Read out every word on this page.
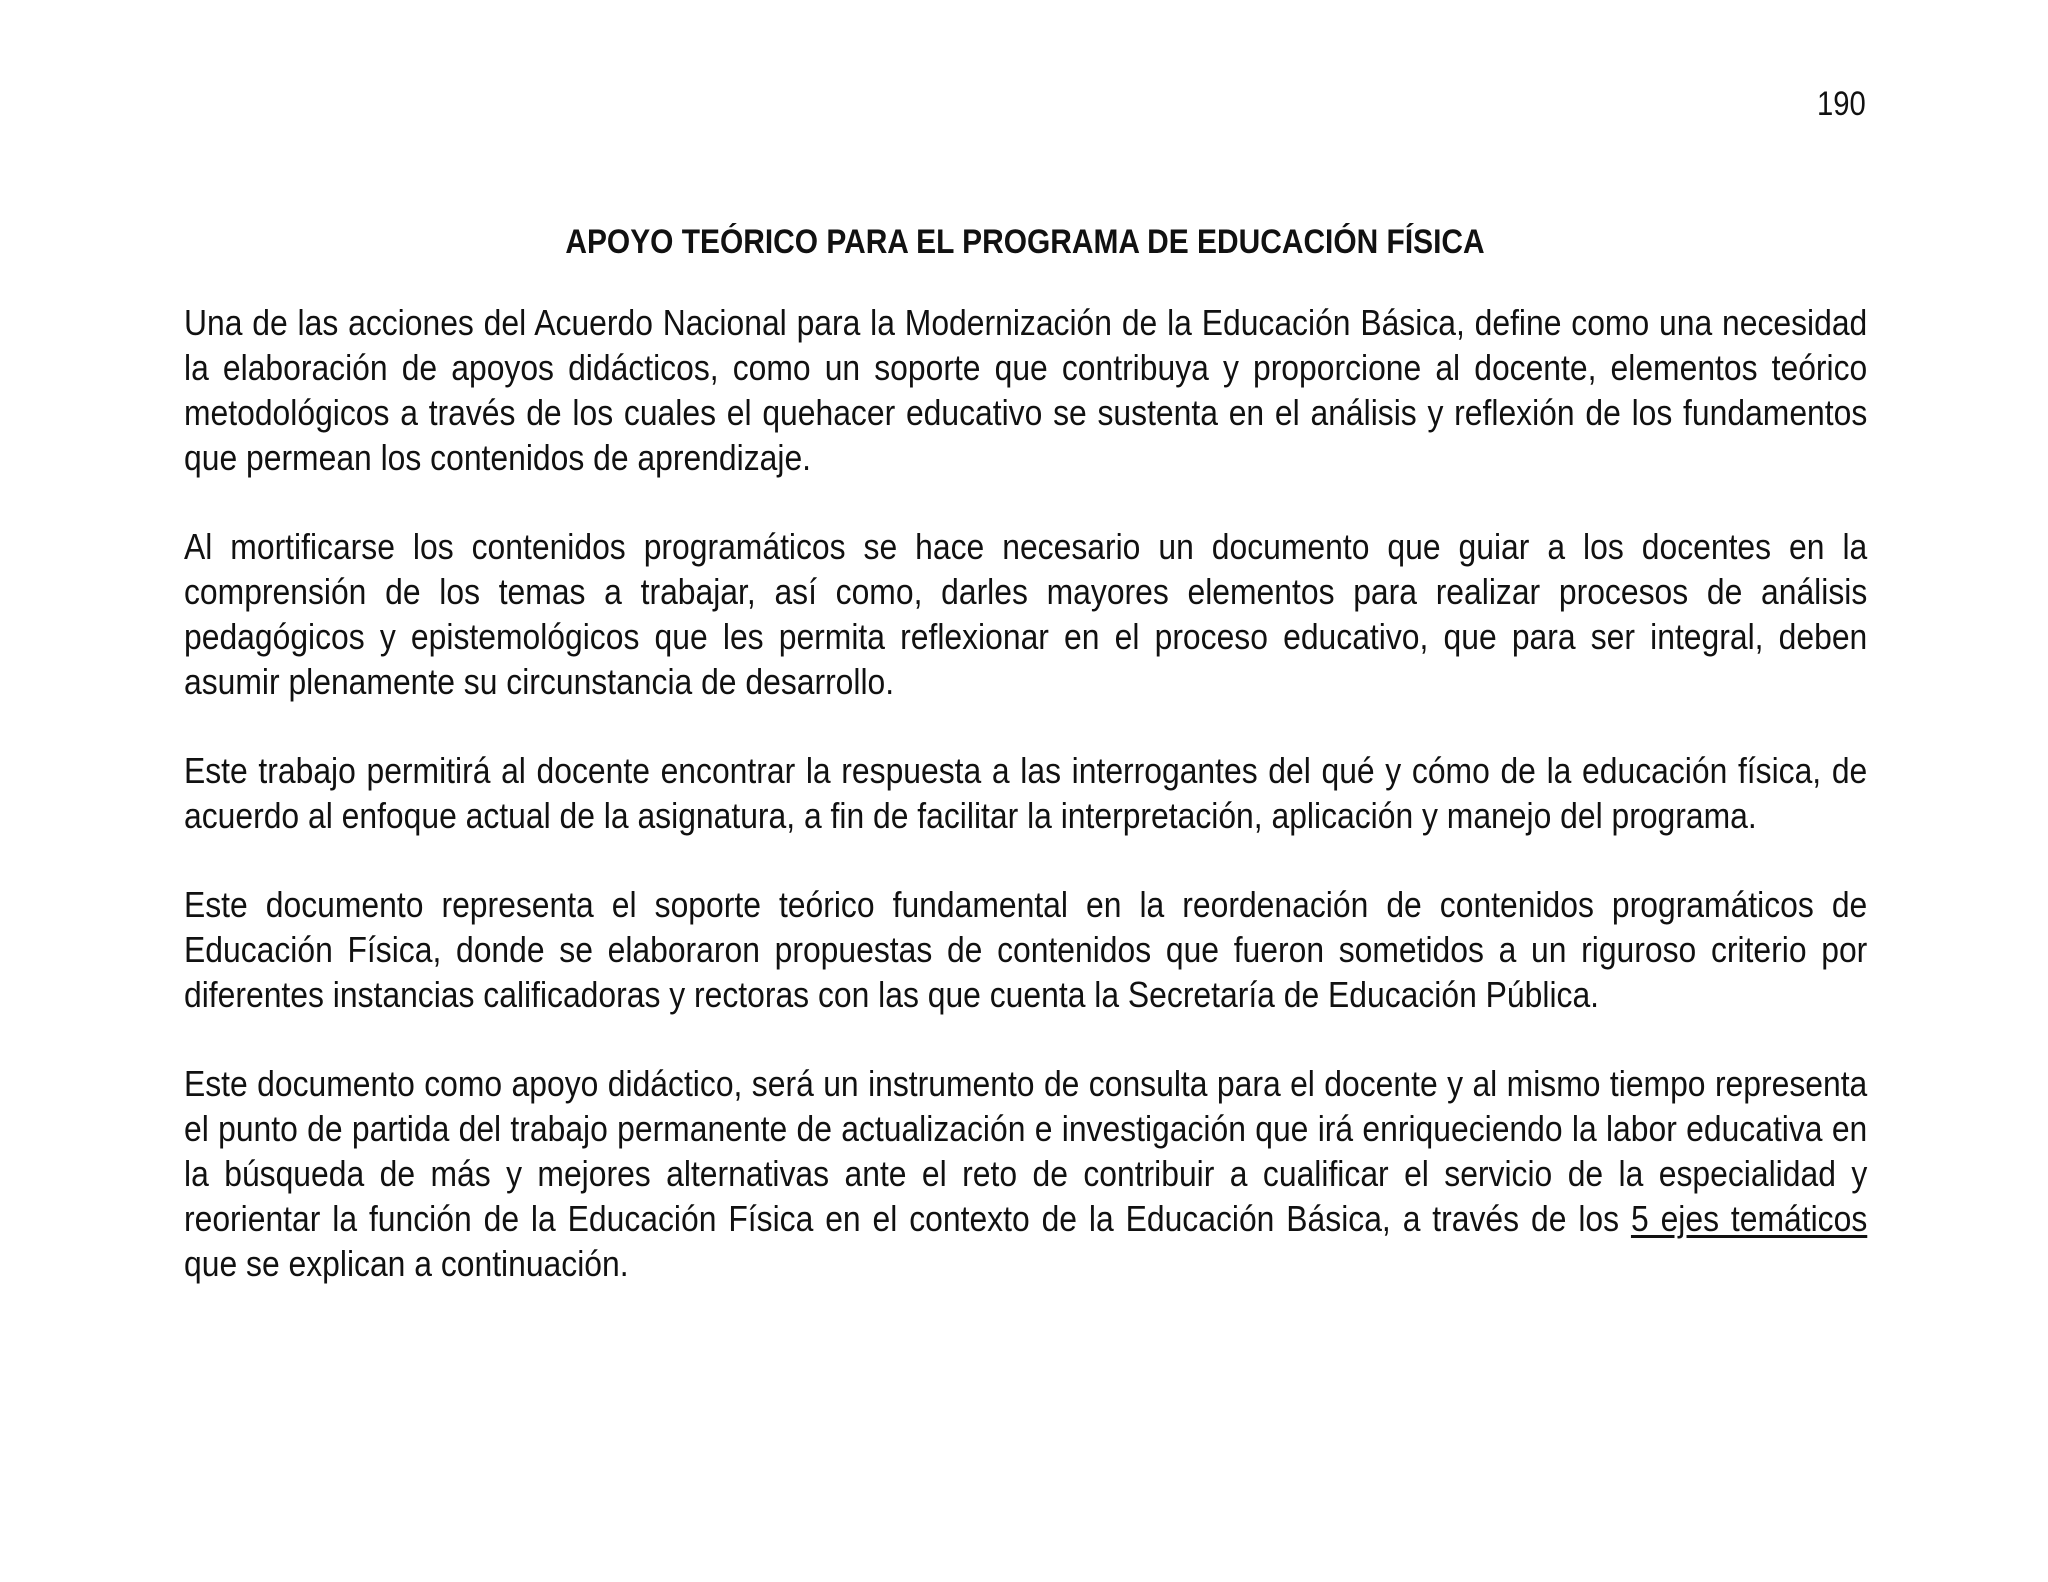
190
APOYO TEÓRICO PARA EL PROGRAMA DE EDUCACIÓN FÍSICA

Una de las acciones del Acuerdo Nacional para la Modernización de la Educación Básica, define como una necesidad la elaboración de apoyos didácticos, como un soporte que contribuya y proporcione al docente, elementos teórico metodológicos a través de los cuales el quehacer educativo se sustenta en el análisis y reflexión de los fundamentos que permean los contenidos de aprendizaje.

Al mortificarse los contenidos programáticos se hace necesario un documento que guiar a los docentes en la comprensión de los temas a trabajar, así como, darles mayores elementos para realizar procesos de análisis pedagógicos y epistemológicos que les permita reflexionar en el proceso educativo, que para ser integral, deben asumir plenamente su circunstancia de desarrollo.

Este trabajo permitirá al docente encontrar la respuesta a las interrogantes del qué y cómo de la educación física, de acuerdo al enfoque actual de la asignatura, a fin de facilitar la interpretación, aplicación y manejo del programa.

Este documento representa el soporte teórico fundamental en la reordenación de contenidos programáticos de Educación Física, donde se elaboraron propuestas de contenidos que fueron sometidos a un riguroso criterio por diferentes instancias calificadoras y rectoras con las que cuenta la Secretaría de Educación Pública.

Este documento como apoyo didáctico, será un instrumento de consulta para el docente y al mismo tiempo representa el punto de partida del trabajo permanente de actualización e investigación que irá enriqueciendo la labor educativa en la búsqueda de más y mejores alternativas ante el reto de contribuir a cualificar el servicio de la especialidad y reorientar la función de la Educación Física en el contexto de la Educación Básica, a través de los 5 ejes temáticos que se explican a continuación.
